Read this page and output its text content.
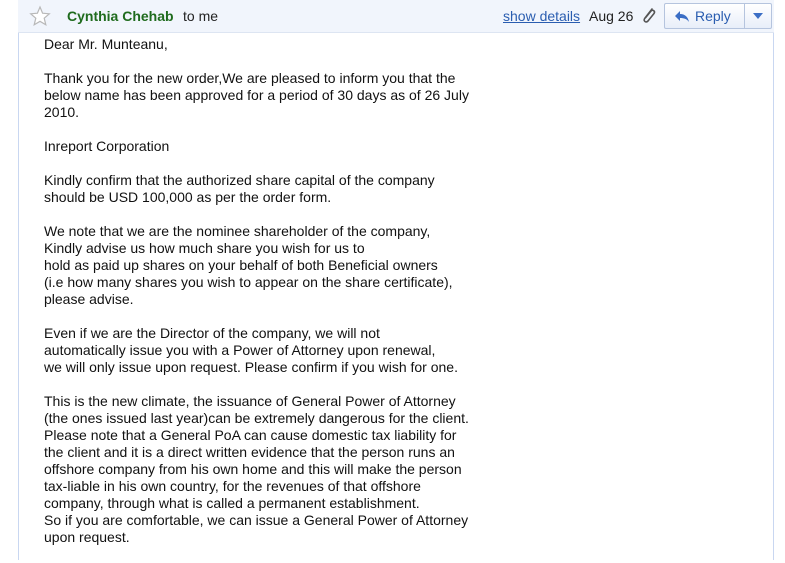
Cynthia Chehab to me	show details Aug 26	Reply

Dear Mr. Munteanu,

Thank you for the new order,We are pleased to inform you that the
below name has been approved for a period of 30 days as of 26 July
2010.

Inreport Corporation

Kindly confirm that the authorized share capital of the company
should be USD 100,000 as per the order form.

We note that we are the nominee shareholder of the company,
Kindly advise us how much share you wish for us to
hold as paid up shares on your behalf of both Beneficial owners
(i.e how many shares you wish to appear on the share certificate),
please advise.

Even if we are the Director of the company, we will not
automatically issue you with a Power of Attorney upon renewal,
we will only issue upon request. Please confirm if you wish for one.

This is the new climate, the issuance of General Power of Attorney
(the ones issued last year)can be extremely dangerous for the client.
Please note that a General PoA can cause domestic tax liability for
the client and it is a direct written evidence that the person runs an
offshore company from his own home and this will make the person
tax-liable in his own country, for the revenues of that offshore
company, through what is called a permanent establishment.
So if you are comfortable, we can issue a General Power of Attorney
upon request.
